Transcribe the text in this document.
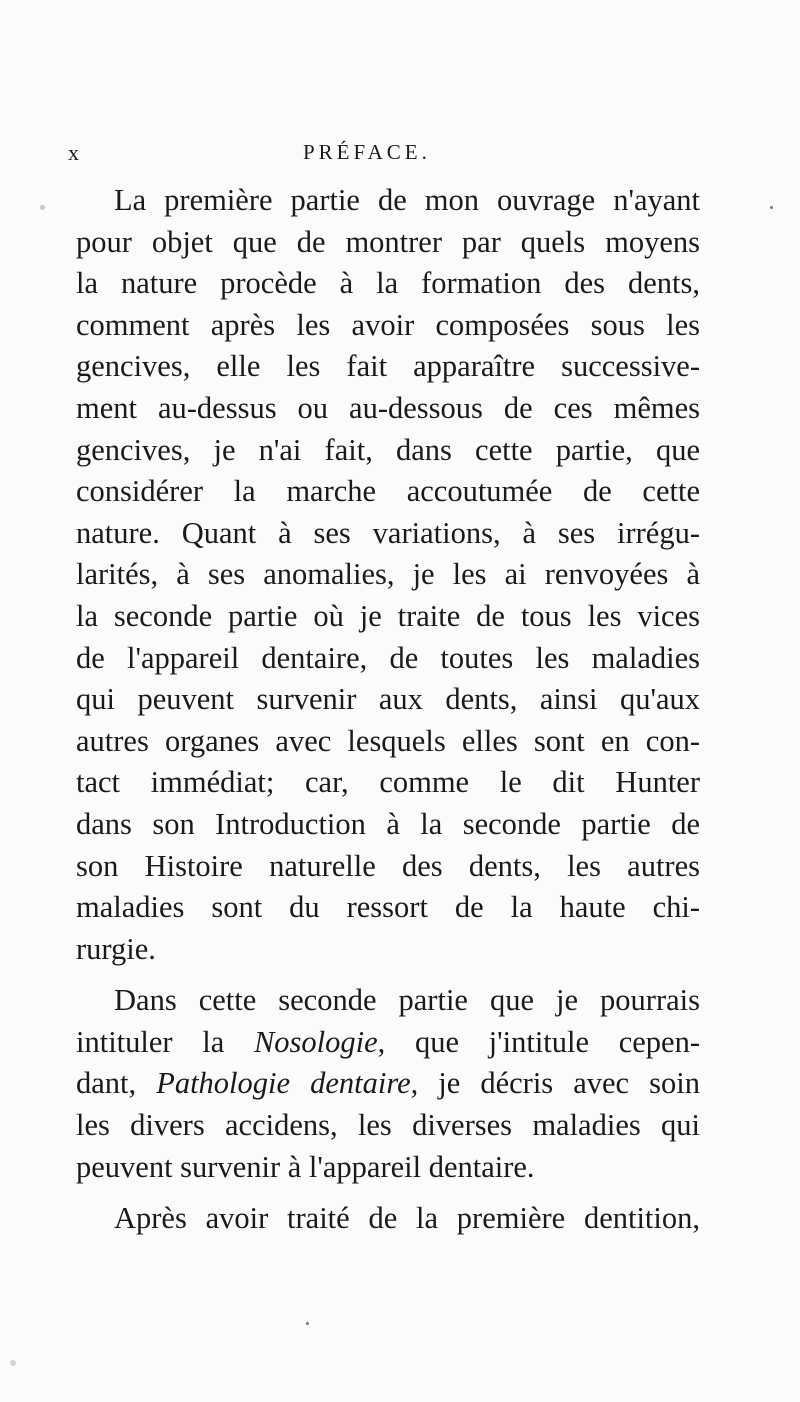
x	PRÉFACE.
La première partie de mon ouvrage n'ayant
pour objet que de montrer par quels moyens
la nature procède à la formation des dents,
comment après les avoir composées sous les
gencives, elle les fait apparaître successive-
ment au-dessus ou au-dessous de ces mêmes
gencives, je n'ai fait, dans cette partie, que
considérer la marche accoutumée de cette
nature. Quant à ses variations, à ses irrégu-
larités, à ses anomalies, je les ai renvoyées à
la seconde partie où je traite de tous les vices
de l'appareil dentaire, de toutes les maladies
qui peuvent survenir aux dents, ainsi qu'aux
autres organes avec lesquels elles sont en con-
tact immédiat; car, comme le dit Hunter
dans son Introduction à la seconde partie de
son Histoire naturelle des dents, les autres
maladies sont du ressort de la haute chi-
rurgie.
Dans cette seconde partie que je pourrais
intituler la Nosologie, que j'intitule cepen-
dant, Pathologie dentaire, je décris avec soin
les divers accidens, les diverses maladies qui
peuvent survenir à l'appareil dentaire.
Après avoir traité de la première dentition,
